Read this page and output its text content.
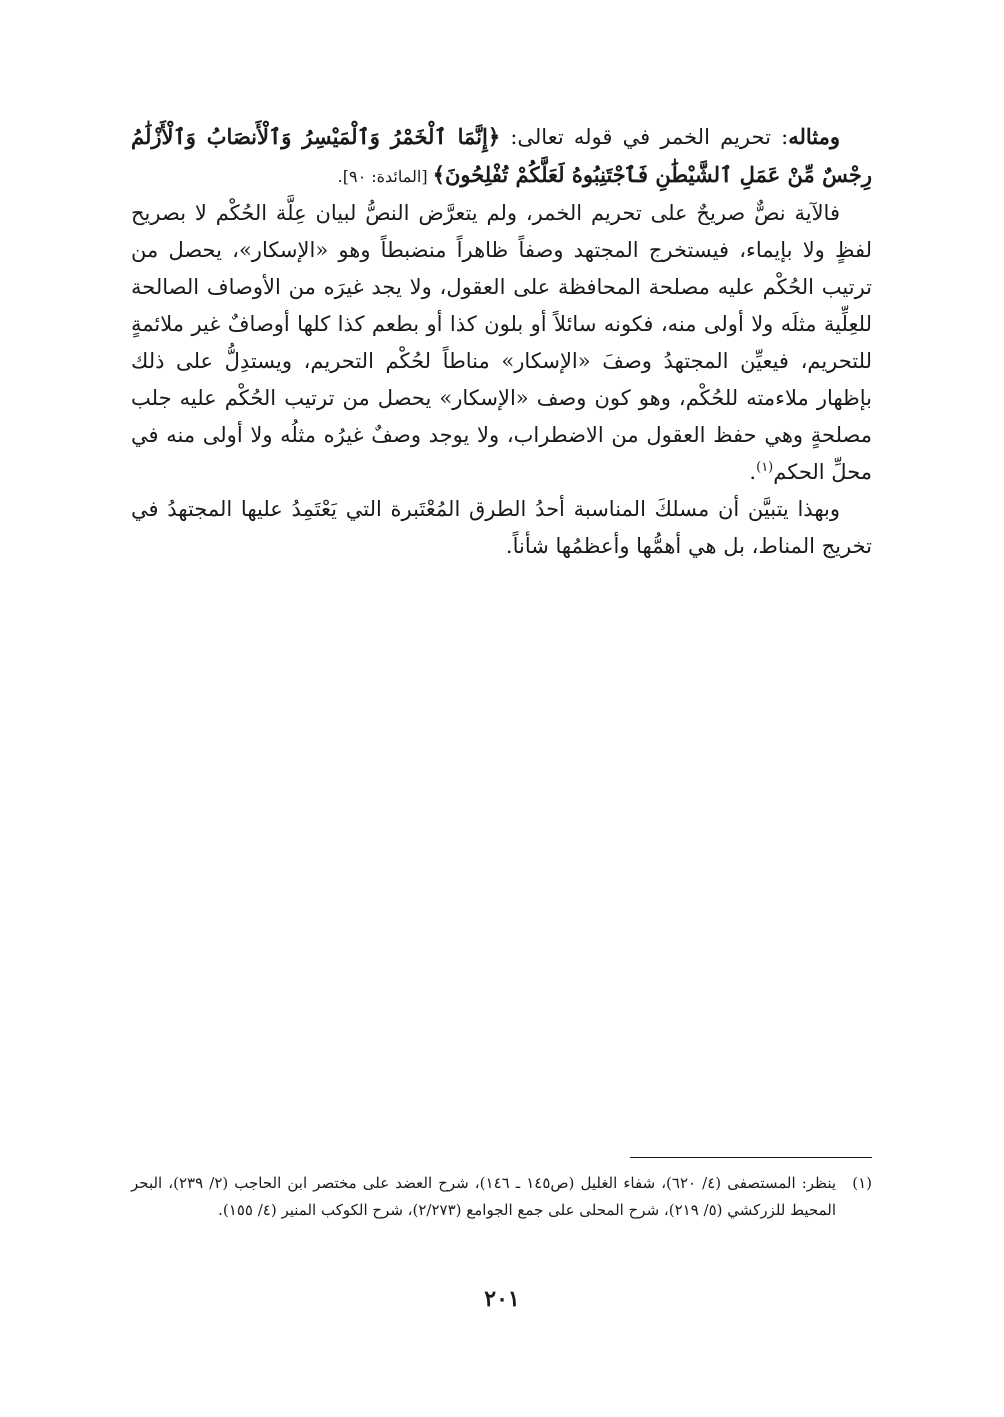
ومثاله: تحريم الخمر في قوله تعالى: ﴿إِنَّمَا ٱلْخَمْرُ وَٱلْمَيْسِرُ وَٱلْأَنصَابُ وَٱلْأَزْلَٰمُ رِجْسٌ مِّنْ عَمَلِ ٱلشَّيْطَٰنِ فَٱجْتَنِبُوهُ لَعَلَّكُمْ تُفْلِحُونَ﴾ [المائدة: ٩٠].

فالآية نصٌّ صريحٌ على تحريم الخمر، ولم يتعرَّض النصُّ لبيان عِلَّة الحُكْم لا بصريح لفظٍ ولا بإيماء، فيستخرج المجتهد وصفاً ظاهراً منضبطاً وهو «الإسكار»، يحصل من ترتيب الحُكْم عليه مصلحة المحافظة على العقول، ولا يجد غيرَه من الأوصاف الصالحة للعِلِّية مثلَه ولا أولى منه، فكونه سائلاً أو بلون كذا أو بطعم كذا كلها أوصافٌ غير ملائمةٍ للتحريم، فيعيِّن المجتهدُ وصفَ «الإسكار» مناطاً لحُكْم التحريم، ويستدِلُّ على ذلك بإظهار ملاءمته للحُكْم، وهو كون وصف «الإسكار» يحصل من ترتيب الحُكْم عليه جلب مصلحةٍ وهي حفظ العقول من الاضطراب، ولا يوجد وصفٌ غيرُه مثلُه ولا أولى منه في محلِّ الحكم$^{(١)}$.

وبهذا يتبيَّن أن مسلكَ المناسبة أحدُ الطرق المُعْتَبرة التي يَعْتَمِدُ عليها المجتهدُ في تخريج المناط، بل هي أهمُّها وأعظمُها شأناً.

(١)
ينظر: المستصفى (٤/ ٦٢٠)، شفاء الغليل (ص١٤٥ ـ ١٤٦)، شرح العضد على مختصر ابن الحاجب (٢/ ٢٣٩)، البحر المحيط للزركشي (٥/ ٢١٩)، شرح المحلى على جمع الجوامع (٢/٢٧٣)، شرح الكوكب المنير (٤/ ١٥٥).
٢٠١
